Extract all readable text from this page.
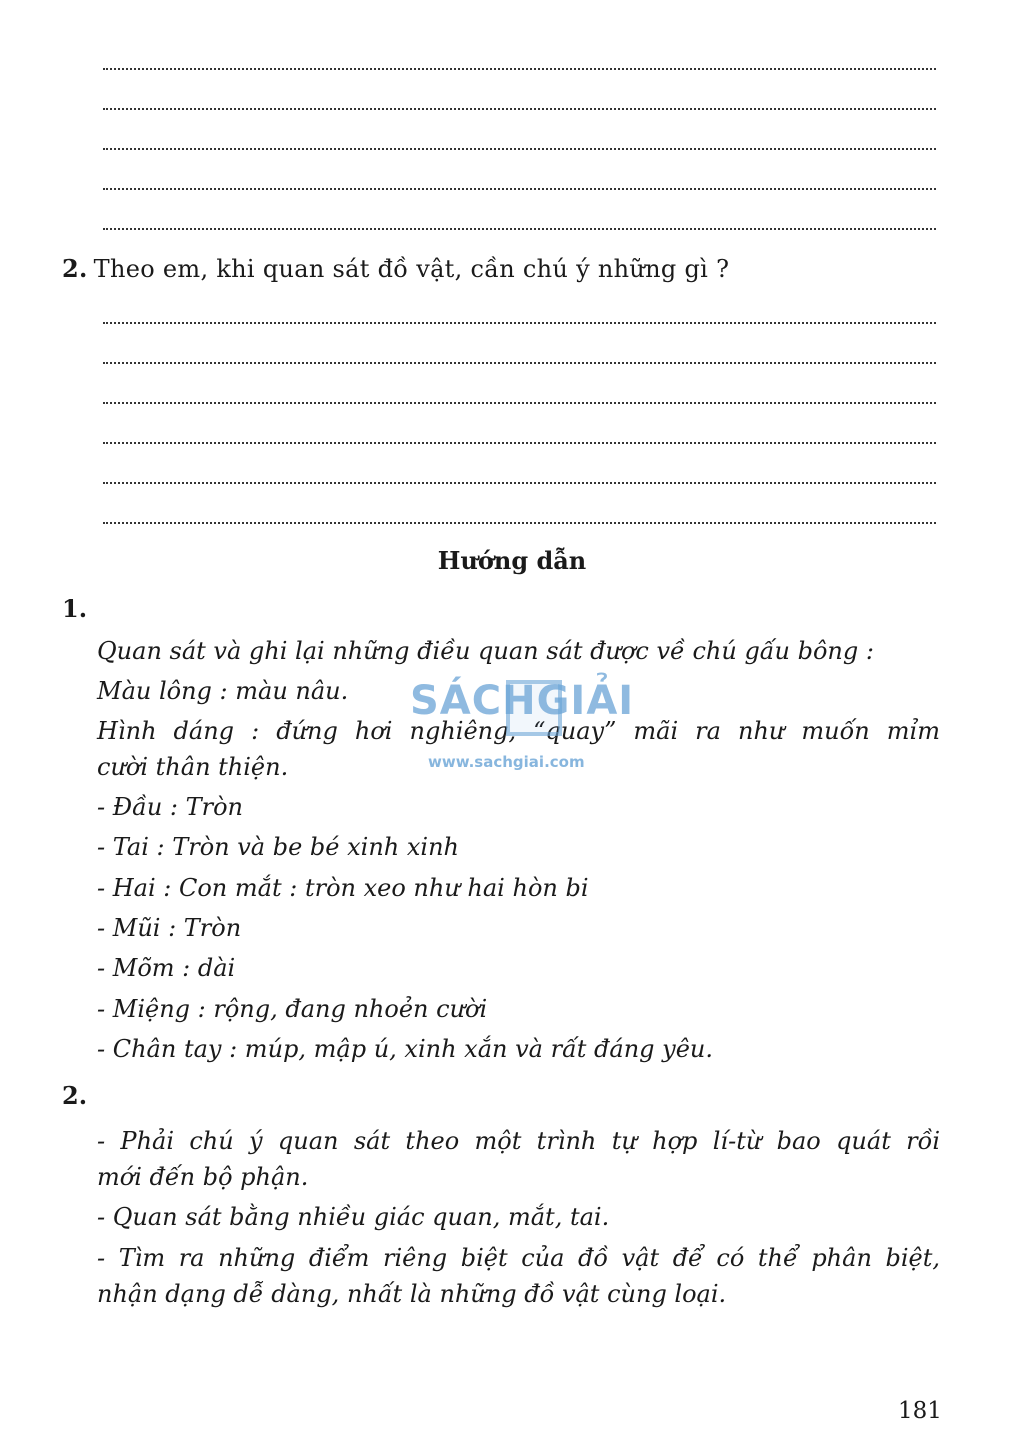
2. Theo em, khi quan sát đồ vật, cần chú ý những gì ?
Hướng dẫn
1.
Quan sát và ghi lại những điều quan sát được về chú gấu bông :
Màu lông : màu nâu.
Hình dáng : đứng hơi nghiêng, “quay” mãi ra như muốn mỉm
cười thân thiện.
- Đầu : Tròn
- Tai : Tròn và be bé xinh xinh
- Hai : Con mắt : tròn xeo như hai hòn bi
- Mũi : Tròn
- Mõm : dài
- Miệng : rộng, đang nhoẻn cười
- Chân tay : múp, mập ú, xinh xắn và rất đáng yêu.
2.
- Phải chú ý quan sát theo một trình tự hợp lí-từ bao quát rồi
mới đến bộ phận.
- Quan sát bằng nhiều giác quan, mắt, tai.
- Tìm ra những điểm riêng biệt của đồ vật để có thể phân biệt,
nhận dạng dễ dàng, nhất là những đồ vật cùng loại.
SÁCHGIẢI
www.sachgiai.com
181
